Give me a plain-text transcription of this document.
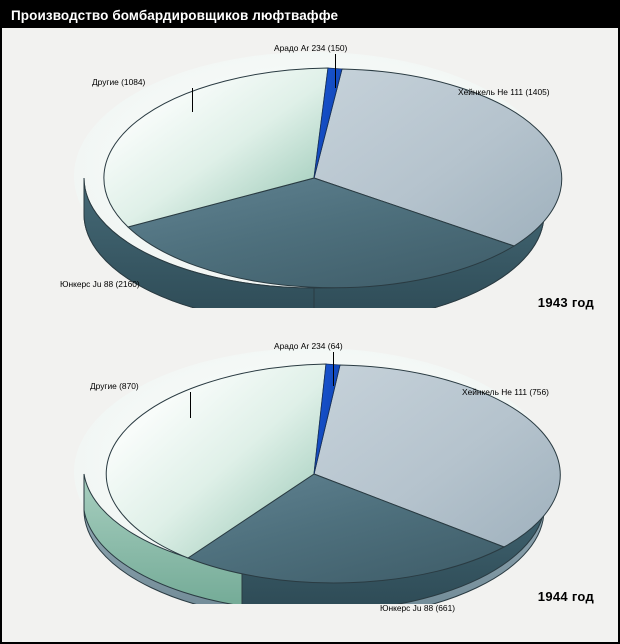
Производство бомбардировщиков люфтваффе
Арадо Ar 234 (150)
Хейнкель He 111 (1405)
Другие (1084)
Юнкерс Ju 88 (2160)
1943 год
Арадо Ar 234 (64)
Хейнкель He 111 (756)
Другие (870)
Юнкерс Ju 88 (661)
1944 год
